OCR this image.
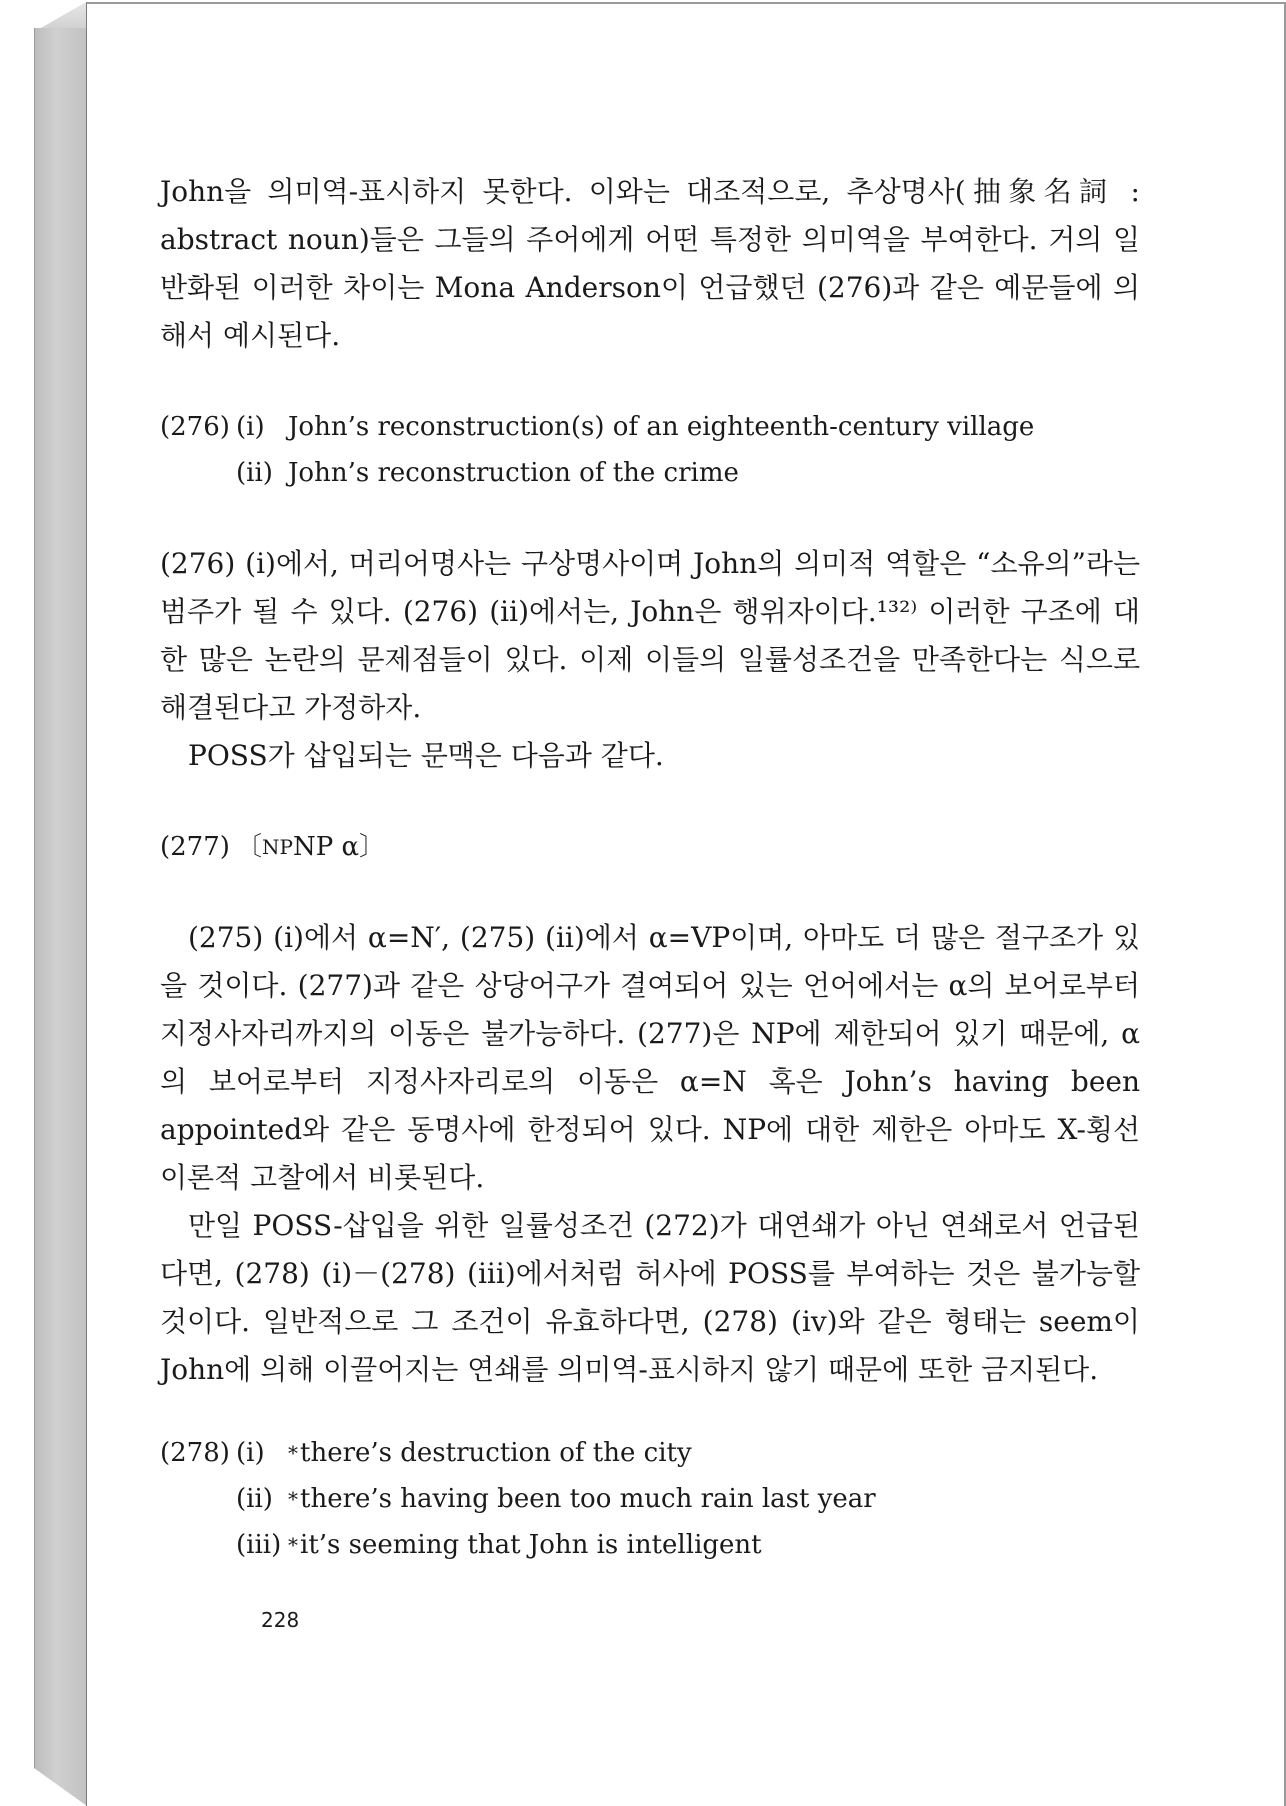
John을 의미역-표시하지 못한다. 이와는 대조적으로, 추상명사(抽象名詞 : abstract noun)들은 그들의 주어에게 어떤 특정한 의미역을 부여한다. 거의 일반화된 이러한 차이는 Mona Anderson이 언급했던 (276)과 같은 예문들에 의해서 예시된다.

(276) (i) John’s reconstruction(s) of an eighteenth-century village
(ii) John’s reconstruction of the crime

(276) (i)에서, 머리어명사는 구상명사이며 John의 의미적 역할은 “소유의”라는 범주가 될 수 있다. (276) (ii)에서는, John은 행위자이다.¹³²⁾ 이러한 구조에 대한 많은 논란의 문제점들이 있다. 이제 이들의 일률성조건을 만족한다는 식으로 해결된다고 가정하자.

POSS가 삽입되는 문맥은 다음과 같다.

(277) 〔 NP NP α〕

(275) (i)에서 α=N′, (275) (ii)에서 α=VP이며, 아마도 더 많은 절구조가 있을 것이다. (277)과 같은 상당어구가 결여되어 있는 언어에서는 α의 보어로부터 지정사자리까지의 이동은 불가능하다. (277)은 NP에 제한되어 있기 때문에, α의 보어로부터 지정사자리로의 이동은 α=N 혹은 John’s having been appointed와 같은 동명사에 한정되어 있다. NP에 대한 제한은 아마도 X-횡선 이론적 고찰에서 비롯된다.

만일 POSS-삽입을 위한 일률성조건 (272)가 대연쇄가 아닌 연쇄로서 언급된다면, (278) (i)－(278) (iii)에서처럼 허사에 POSS를 부여하는 것은 불가능할 것이다. 일반적으로 그 조건이 유효하다면, (278) (iv)와 같은 형태는 seem이 John에 의해 이끌어지는 연쇄를 의미역-표시하지 않기 때문에 또한 금지된다.

(278) (i)	* there’s destruction of the city
(ii) * there’s having been too much rain last year
(iii) * it’s seeming that John is intelligent
228
